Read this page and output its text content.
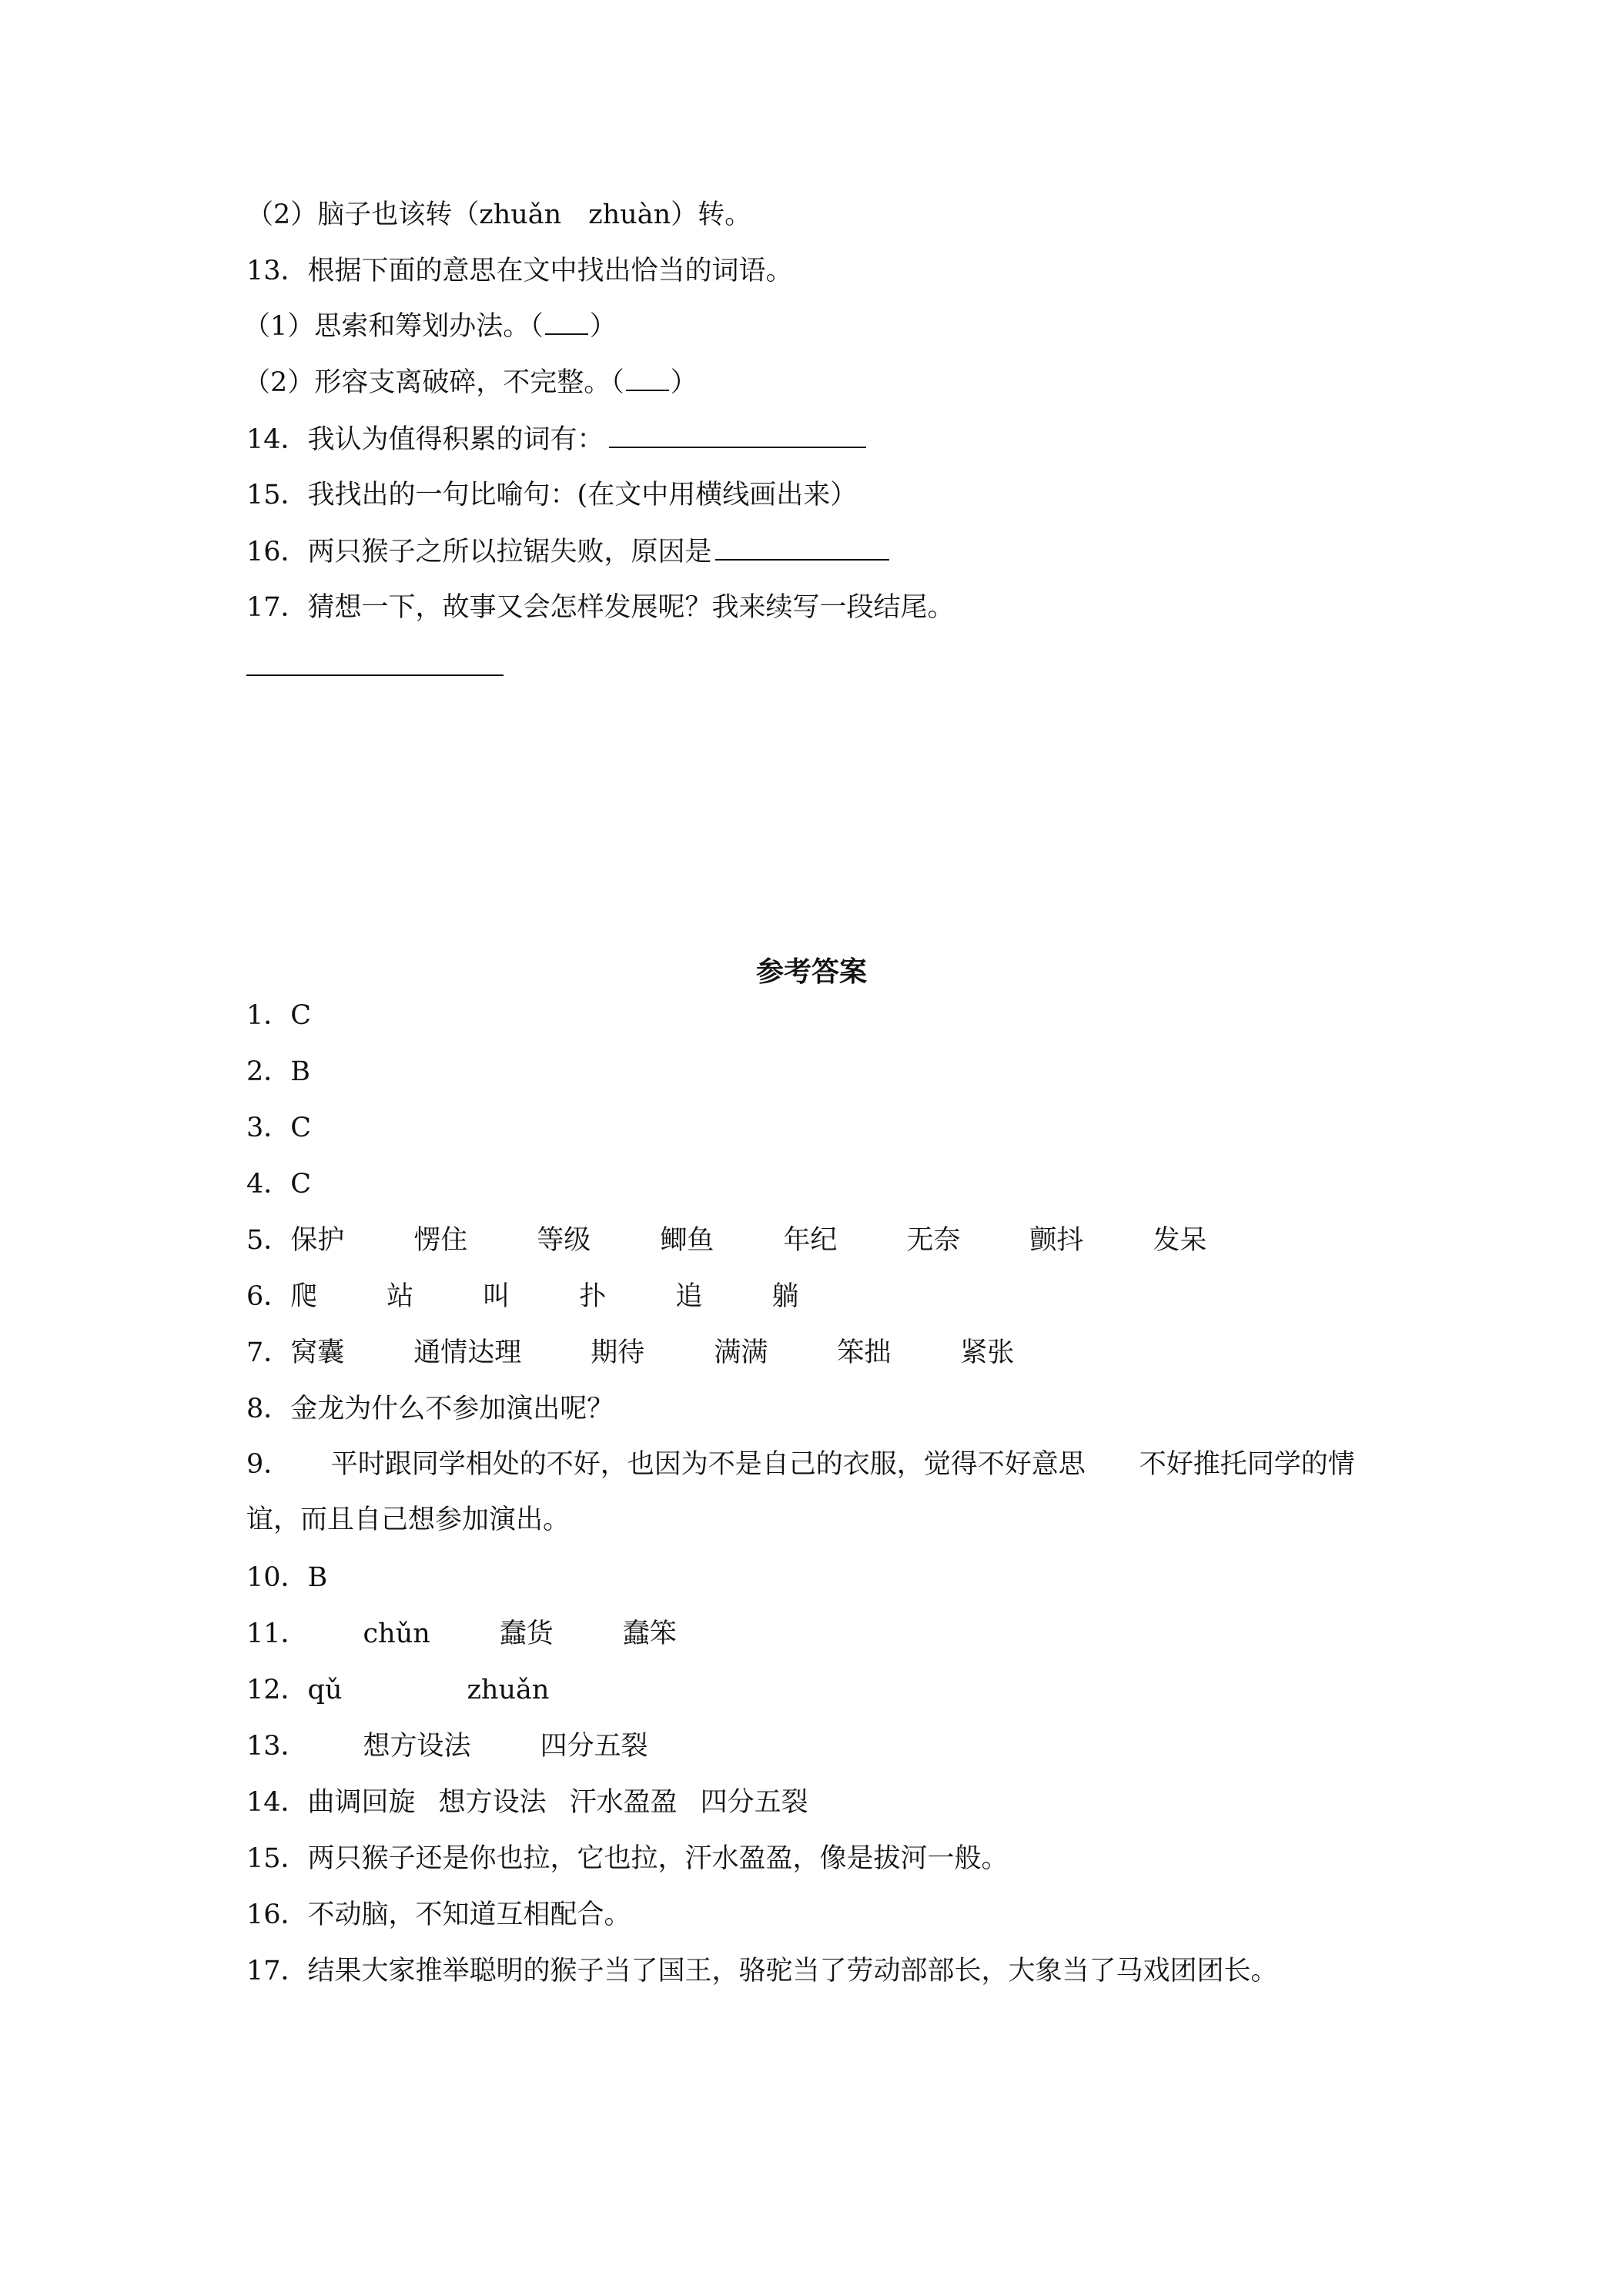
（2）脑子也该转（zhuǎn　zhuàn）转。
13．根据下面的意思在文中找出恰当的词语。
（1）思索和筹划办法。（ ）
（2）形容支离破碎，不完整。（ ）
14．我认为值得积累的词有：
15．我找出的一句比喻句：(在文中用横线画出来）
16．两只猴子之所以拉锯失败，原因是
17．猜想一下，故事又会怎样发展呢？我来续写一段结尾。
参考答案
1．C
2．B
3．C
4．C
5．保护	愣住	等级	鲫鱼	年纪	无奈	颤抖	发呆
6．爬	站	叫	扑	追	躺
7．窝囊	通情达理	期待	满满	笨拙	紧张
8．金龙为什么不参加演出呢？
9．　　平时跟同学相处的不好，也因为不是自己的衣服，觉得不好意思　　不好推托同学的情谊，而且自己想参加演出。
10．B
11． chǔn	蠢货	蠢笨
12．qǔ	zhuǎn
13． 想方设法	四分五裂
14．曲调回旋 想方设法 汗水盈盈 四分五裂
15．两只猴子还是你也拉，它也拉，汗水盈盈，像是拔河一般。
16．不动脑，不知道互相配合。
17．结果大家推举聪明的猴子当了国王，骆驼当了劳动部部长，大象当了马戏团团长。
